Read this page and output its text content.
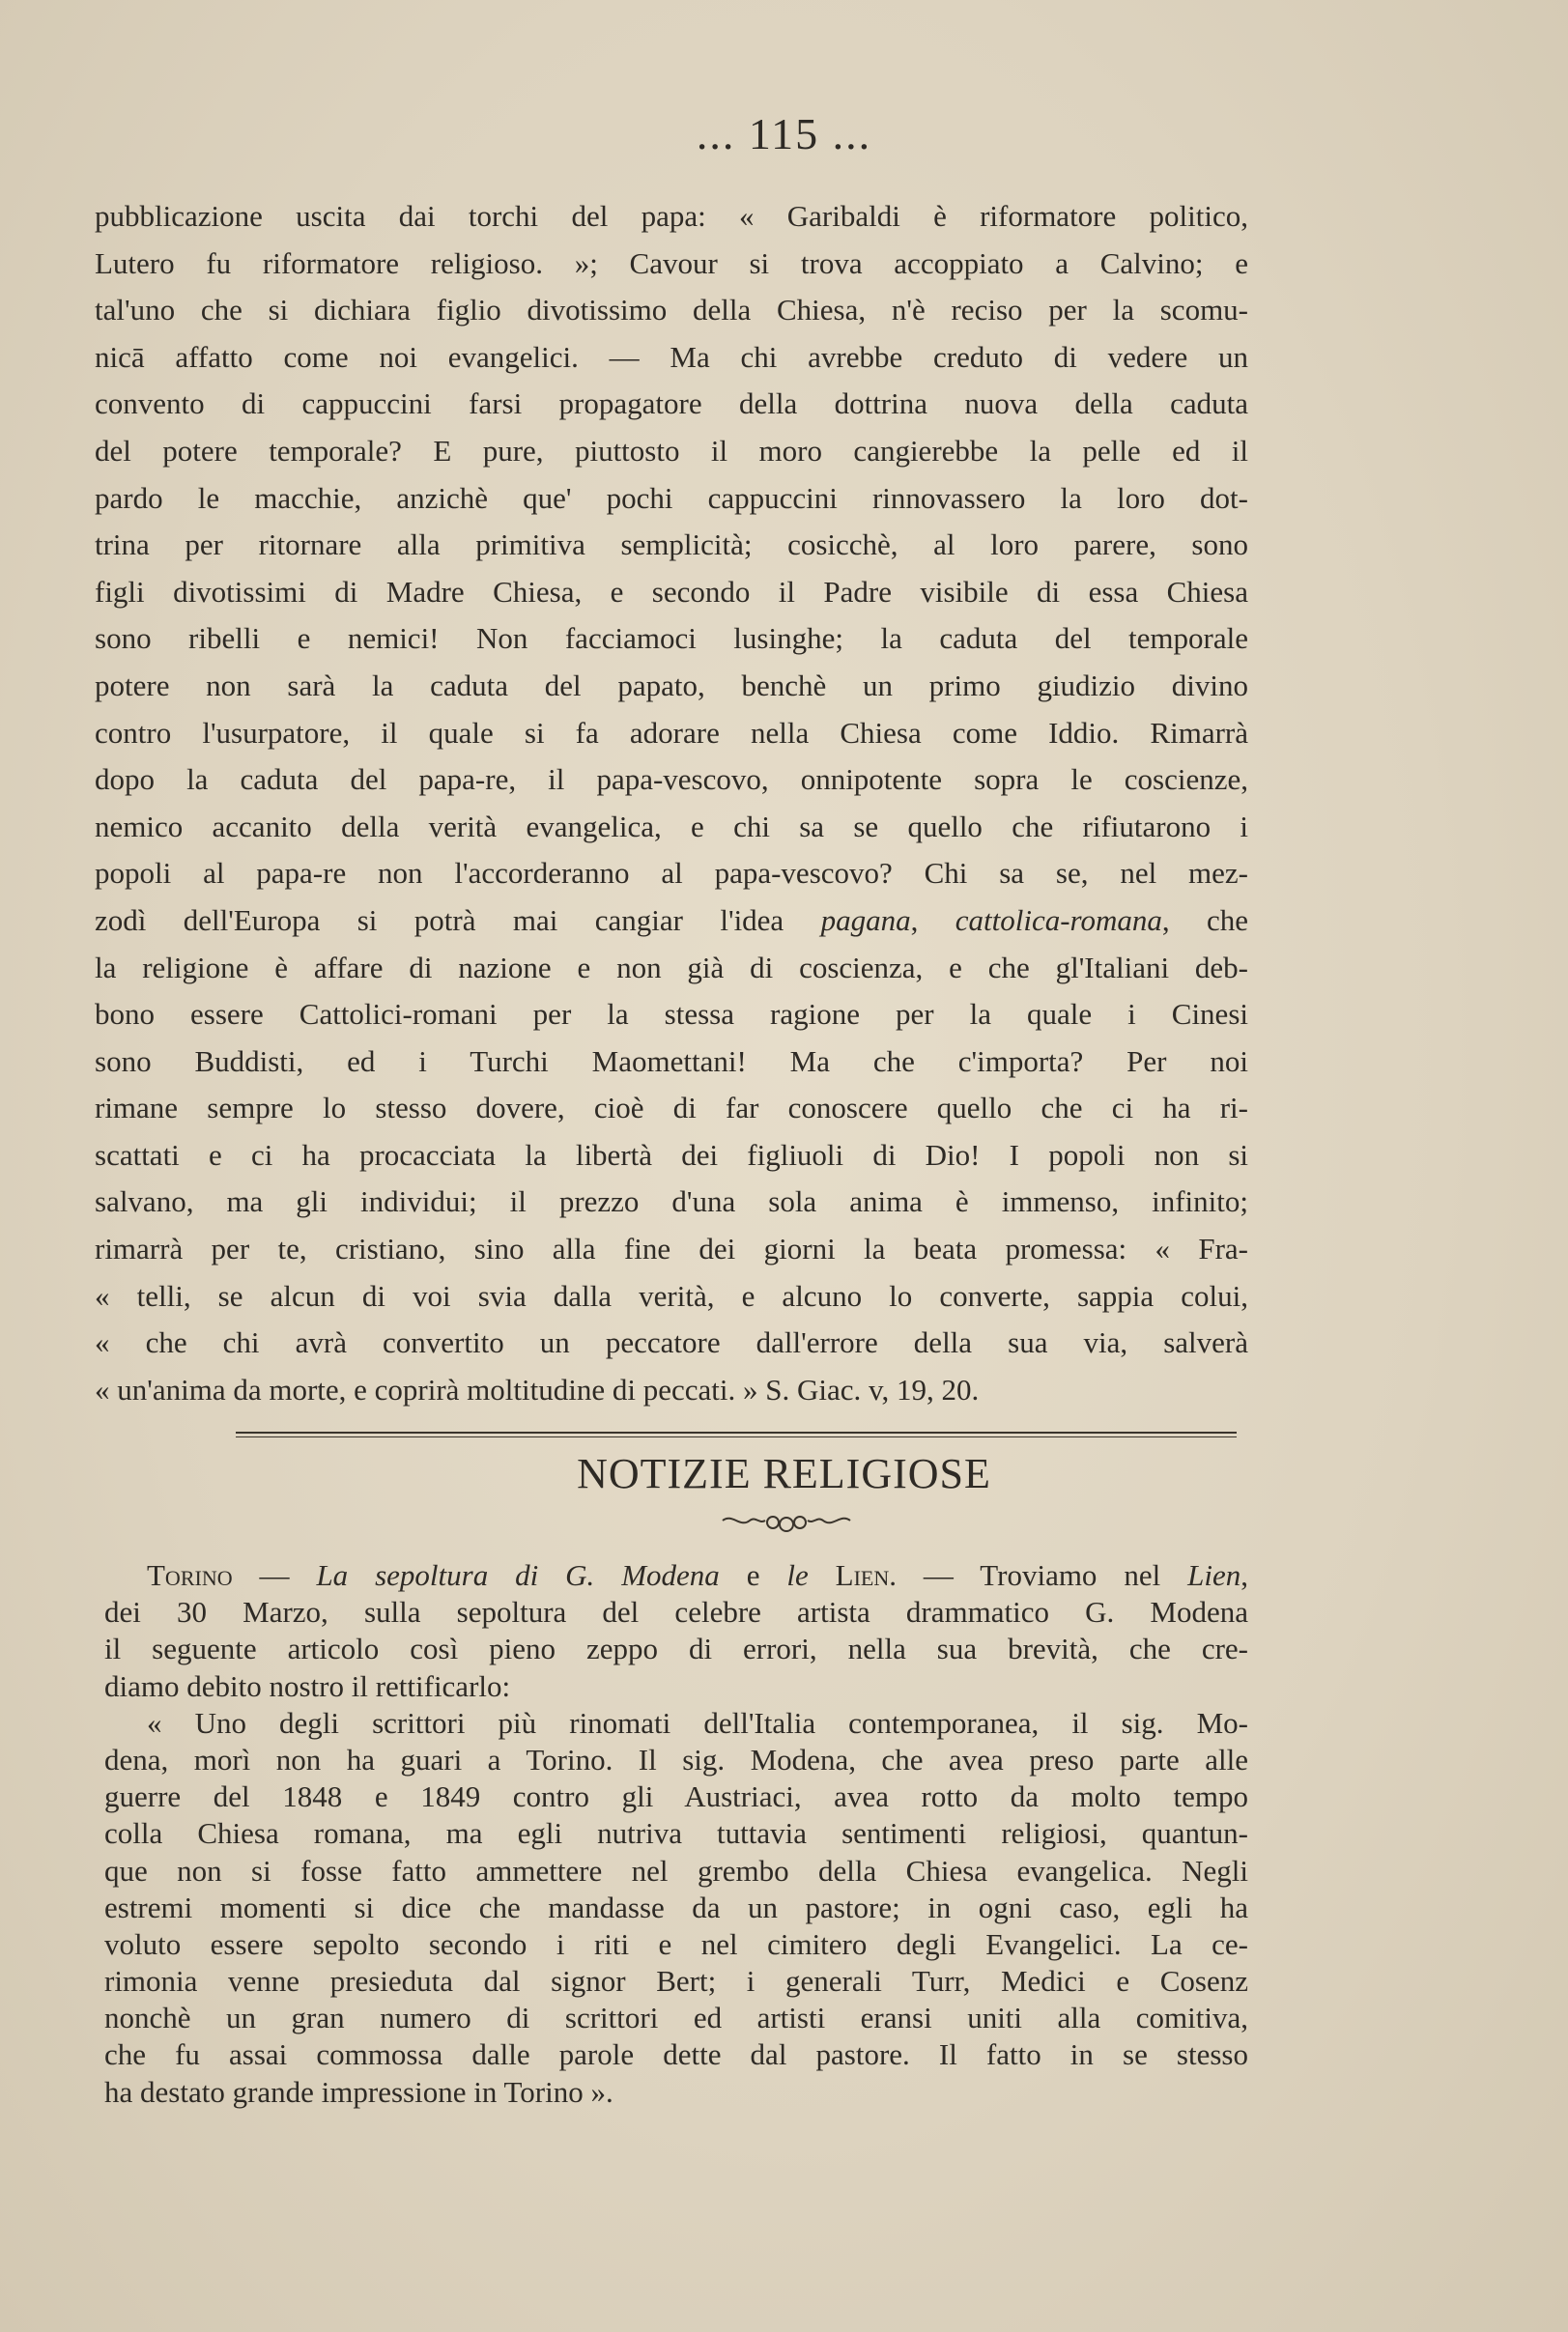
... 115 ...
pubblicazione uscita dai torchi del papa: « Garibaldi è riformatore politico,
Lutero fu riformatore religioso. »; Cavour si trova accoppiato a Calvino; e
tal'uno che si dichiara figlio divotissimo della Chiesa, n'è reciso per la scomu-
nicā affatto come noi evangelici. — Ma chi avrebbe creduto di vedere un
convento di cappuccini farsi propagatore della dottrina nuova della caduta
del potere temporale? E pure, piuttosto il moro cangierebbe la pelle ed il
pardo le macchie, anzichè que' pochi cappuccini rinnovassero la loro dot-
trina per ritornare alla primitiva semplicità; cosicchè, al loro parere, sono
figli divotissimi di Madre Chiesa, e secondo il Padre visibile di essa Chiesa
sono ribelli e nemici! Non facciamoci lusinghe; la caduta del temporale
potere non sarà la caduta del papato, benchè un primo giudizio divino
contro l'usurpatore, il quale si fa adorare nella Chiesa come Iddio. Rimarrà
dopo la caduta del papa-re, il papa-vescovo, onnipotente sopra le coscienze,
nemico accanito della verità evangelica, e chi sa se quello che rifiutarono i
popoli al papa-re non l'accorderanno al papa-vescovo? Chi sa se, nel mez-
zodì dell'Europa si potrà mai cangiar l'idea pagana, cattolica-romana, che
la religione è affare di nazione e non già di coscienza, e che gl'Italiani deb-
bono essere Cattolici-romani per la stessa ragione per la quale i Cinesi
sono Buddisti, ed i Turchi Maomettani! Ma che c'importa? Per noi
rimane sempre lo stesso dovere, cioè di far conoscere quello che ci ha ri-
scattati e ci ha procacciata la libertà dei figliuoli di Dio! I popoli non si
salvano, ma gli individui; il prezzo d'una sola anima è immenso, infinito;
rimarrà per te, cristiano, sino alla fine dei giorni la beata promessa: « Fra-
« telli, se alcun di voi svia dalla verità, e alcuno lo converte, sappia colui,
« che chi avrà convertito un peccatore dall'errore della sua via, salverà
« un'anima da morte, e coprirà moltitudine di peccati. » S. Giac. v, 19, 20.
NOTIZIE RELIGIOSE
Torino — La sepoltura di G. Modena e le Lien. — Troviamo nel Lien,
dei 30 Marzo, sulla sepoltura del celebre artista drammatico G. Modena
il seguente articolo così pieno zeppo di errori, nella sua brevità, che cre-
diamo debito nostro il rettificarlo:
« Uno degli scrittori più rinomati dell'Italia contemporanea, il sig. Mo-
dena, morì non ha guari a Torino. Il sig. Modena, che avea preso parte alle
guerre del 1848 e 1849 contro gli Austriaci, avea rotto da molto tempo
colla Chiesa romana, ma egli nutriva tuttavia sentimenti religiosi, quantun-
que non si fosse fatto ammettere nel grembo della Chiesa evangelica. Negli
estremi momenti si dice che mandasse da un pastore; in ogni caso, egli ha
voluto essere sepolto secondo i riti e nel cimitero degli Evangelici. La ce-
rimonia venne presieduta dal signor Bert; i generali Turr, Medici e Cosenz
nonchè un gran numero di scrittori ed artisti eransi uniti alla comitiva,
che fu assai commossa dalle parole dette dal pastore. Il fatto in se stesso
ha destato grande impressione in Torino ».
